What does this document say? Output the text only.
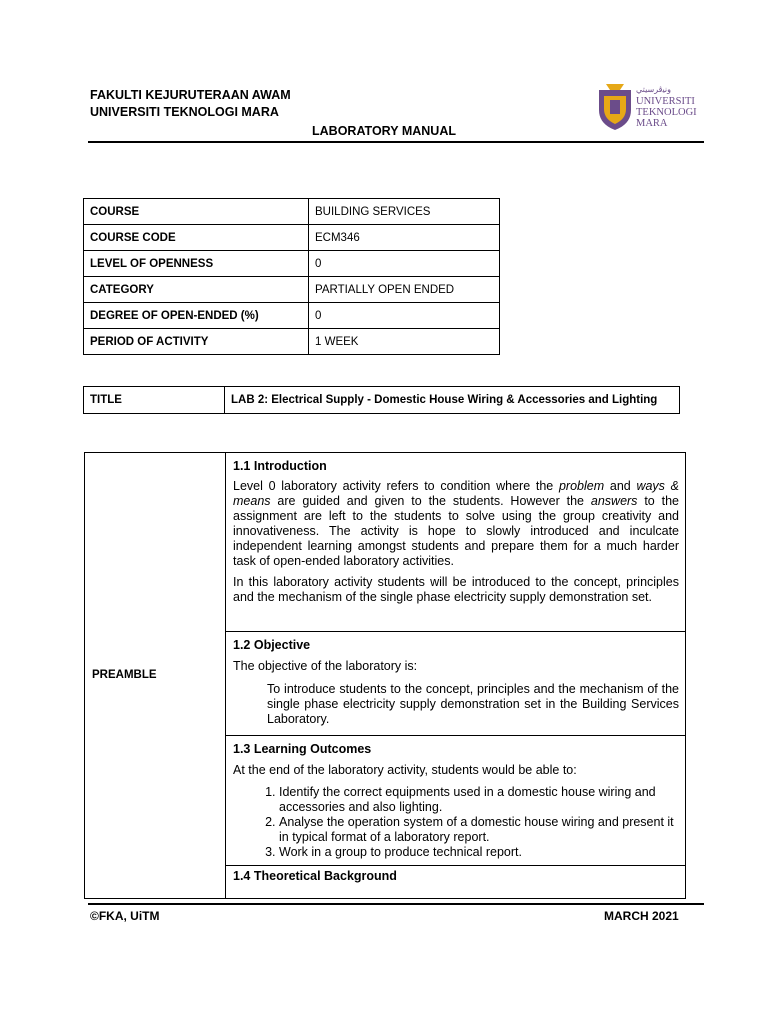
FAKULTI KEJURUTERAAN AWAM
UNIVERSITI TEKNOLOGI MARA
LABORATORY MANUAL
ﻭﻧﻴﭬﺮﺳﻴﺘﻲ
UNIVERSITI
TEKNOLOGI
MARA
COURSE	BUILDING SERVICES
COURSE CODE	ECM346
LEVEL OF OPENNESS	0
CATEGORY	PARTIALLY OPEN ENDED
DEGREE OF OPEN-ENDED (%)	0
PERIOD OF ACTIVITY	1 WEEK
TITLE	LAB 2: Electrical Supply - Domestic House Wiring & Accessories and Lighting
PREAMBLE
1.1 Introduction

Level 0 laboratory activity refers to condition where the problem and ways & means are guided and given to the students. However the answers to the assignment are left to the students to solve using the group creativity and innovativeness. The activity is hope to slowly introduced and inculcate independent learning amongst students and prepare them for a much harder task of open-ended laboratory activities.

In this laboratory activity students will be introduced to the concept, principles and the mechanism of the single phase electricity supply demonstration set.

1.2 Objective

The objective of the laboratory is:

To introduce students to the concept, principles and the mechanism of the single phase electricity supply demonstration set in the Building Services Laboratory.

1.3 Learning Outcomes

At the end of the laboratory activity, students would be able to:

1. Identify the correct equipments used in a domestic house wiring and accessories and also lighting.
2. Analyse the operation system of a domestic house wiring and present it in typical format of a laboratory report.
3. Work in a group to produce technical report.
1.4 Theoretical Background
©FKA, UiTM	MARCH 2021
